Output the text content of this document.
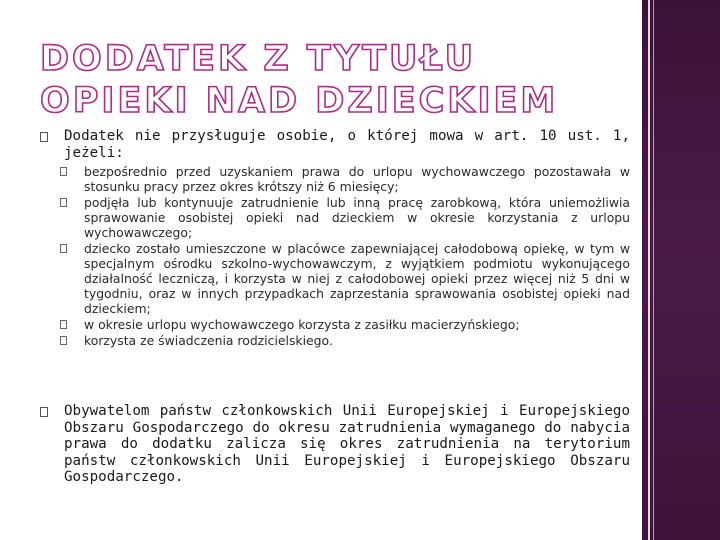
DODATEK Z TYTUŁU OPIEKI NAD DZIECKIEM
Dodatek nie przysługuje osobie, o której mowa w art. 10 ust. 1, jeżeli:
bezpośrednio przed uzyskaniem prawa do urlopu wychowawczego pozostawała w stosunku pracy przez okres krótszy niż 6 miesięcy;
podjęła lub kontynuuje zatrudnienie lub inną pracę zarobkową, która uniemożliwia sprawowanie osobistej opieki nad dzieckiem w okresie korzystania z urlopu wychowawczego;
dziecko zostało umieszczone w placówce zapewniającej całodobową opiekę, w tym w specjalnym ośrodku szkolno-wychowawczym, z wyjątkiem podmiotu wykonującego działalność leczniczą, i korzysta w niej z całodobowej opieki przez więcej niż 5 dni w tygodniu, oraz w innych przypadkach zaprzestania sprawowania osobistej opieki nad dzieckiem;
w okresie urlopu wychowawczego korzysta z zasiłku macierzyńskiego;
korzysta ze świadczenia rodzicielskiego.
Obywatelom państw członkowskich Unii Europejskiej i Europejskiego Obszaru Gospodarczego do okresu zatrudnienia wymaganego do nabycia prawa do dodatku zalicza się okres zatrudnienia na terytorium państw członkowskich Unii Europejskiej i Europejskiego Obszaru Gospodarczego.
